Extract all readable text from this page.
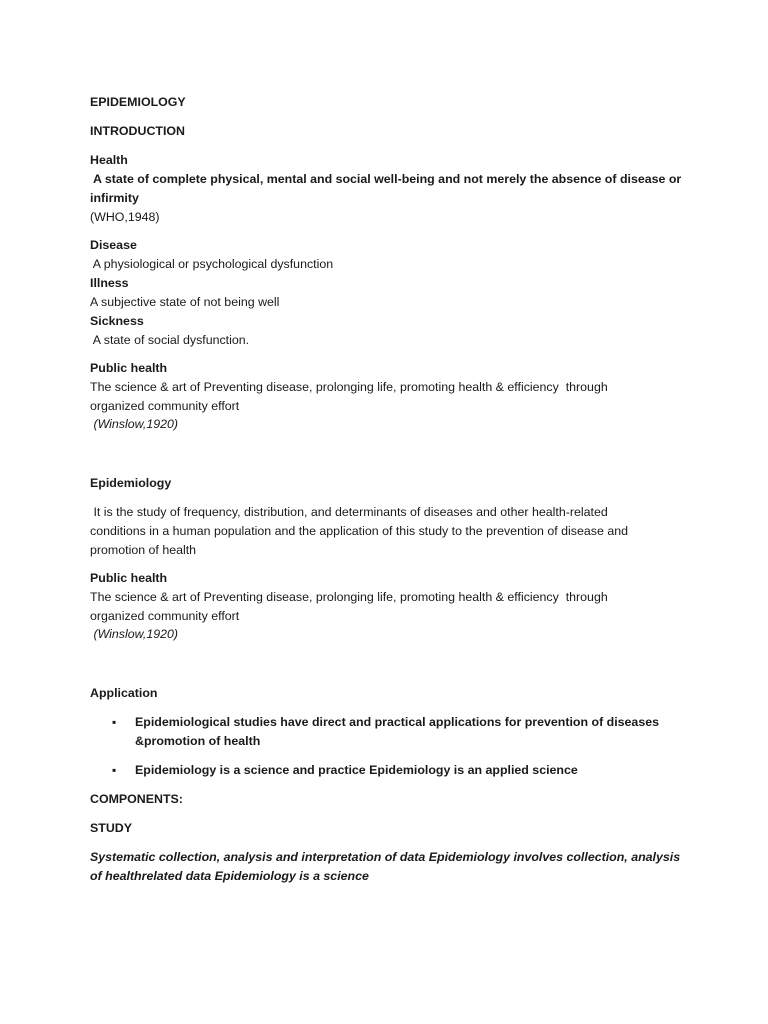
EPIDEMIOLOGY
INTRODUCTION
Health
A state of complete physical, mental and social well-being and not merely the absence of disease or
infirmity
(WHO,1948)
Disease
A physiological or psychological dysfunction
Illness
A subjective state of not being well
Sickness
A state of social dysfunction.
Public health
The science & art of Preventing disease, prolonging life, promoting health & efficiency  through
organized community effort
(Winslow,1920)
Epidemiology
It is the study of frequency, distribution, and determinants of diseases and other health-related
conditions in a human population and the application of this study to the prevention of disease and
promotion of health
Public health
The science & art of Preventing disease, prolonging life, promoting health & efficiency  through
organized community effort
(Winslow,1920)
Application
▪ Epidemiological studies have direct and practical applications for prevention of diseases
&promotion of health
▪ Epidemiology is a science and practice Epidemiology is an applied science
COMPONENTS:
STUDY
Systematic collection, analysis and interpretation of data Epidemiology involves collection, analysis
of healthrelated data Epidemiology is a science
